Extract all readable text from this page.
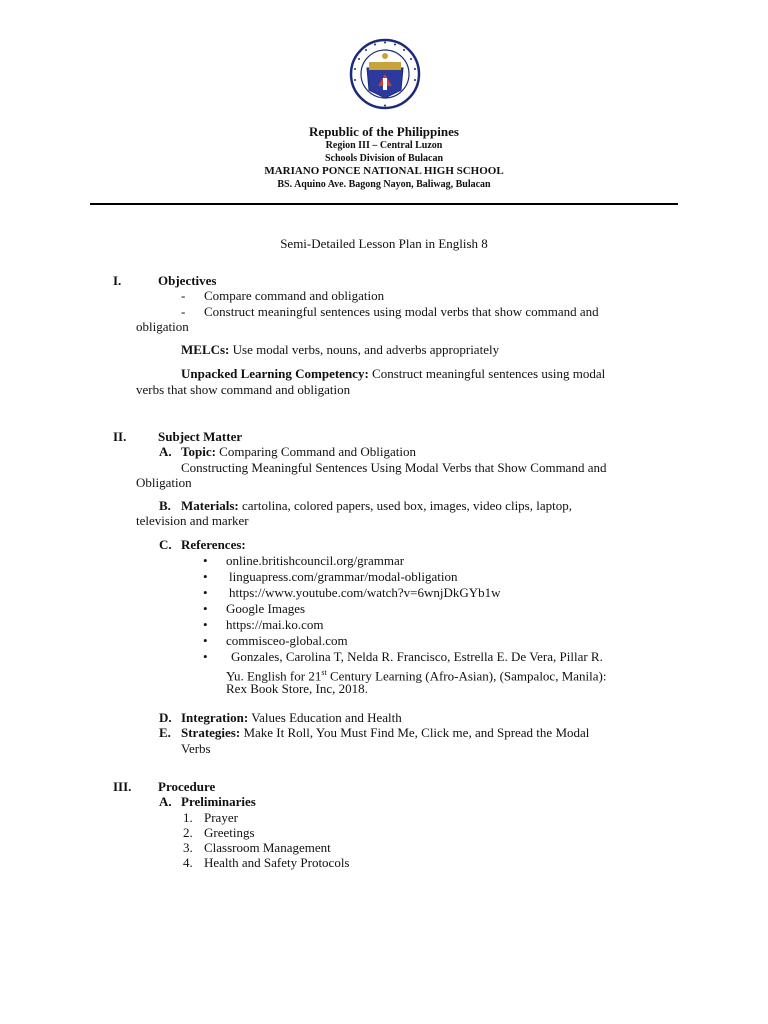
Republic of the Philippines
Region III – Central Luzon
Schools Division of Bulacan
MARIANO PONCE NATIONAL HIGH SCHOOL
BS. Aquino Ave. Bagong Nayon, Baliwag, Bulacan
Semi-Detailed Lesson Plan in English 8
I.	Objectives
- Compare command and obligation
- Construct meaningful sentences using modal verbs that show command and
obligation
MELCs: Use modal verbs, nouns, and adverbs appropriately
Unpacked Learning Competency: Construct meaningful sentences using modal
verbs that show command and obligation
II. Subject Matter
A. Topic: Comparing Command and Obligation
Constructing Meaningful Sentences Using Modal Verbs that Show Command and
Obligation
B. Materials: cartolina, colored papers, used box, images, video clips, laptop,
television and marker
C. References:
• online.britishcouncil.org/grammar
• linguapress.com/grammar/modal-obligation
• https://www.youtube.com/watch?v=6wnjDkGYb1w
• Google Images
• https://mai.ko.com
• commisceo-global.com
• Gonzales, Carolina T, Nelda R. Francisco, Estrella E. De Vera, Pillar R.
Yu. English for 21st Century Learning (Afro-Asian), (Sampaloc, Manila):
Rex Book Store, Inc, 2018.
D. Integration: Values Education and Health
E. Strategies: Make It Roll, You Must Find Me, Click me, and Spread the Modal
Verbs
III. Procedure
A. Preliminaries
1. Prayer
2. Greetings
3. Classroom Management
4. Health and Safety Protocols
